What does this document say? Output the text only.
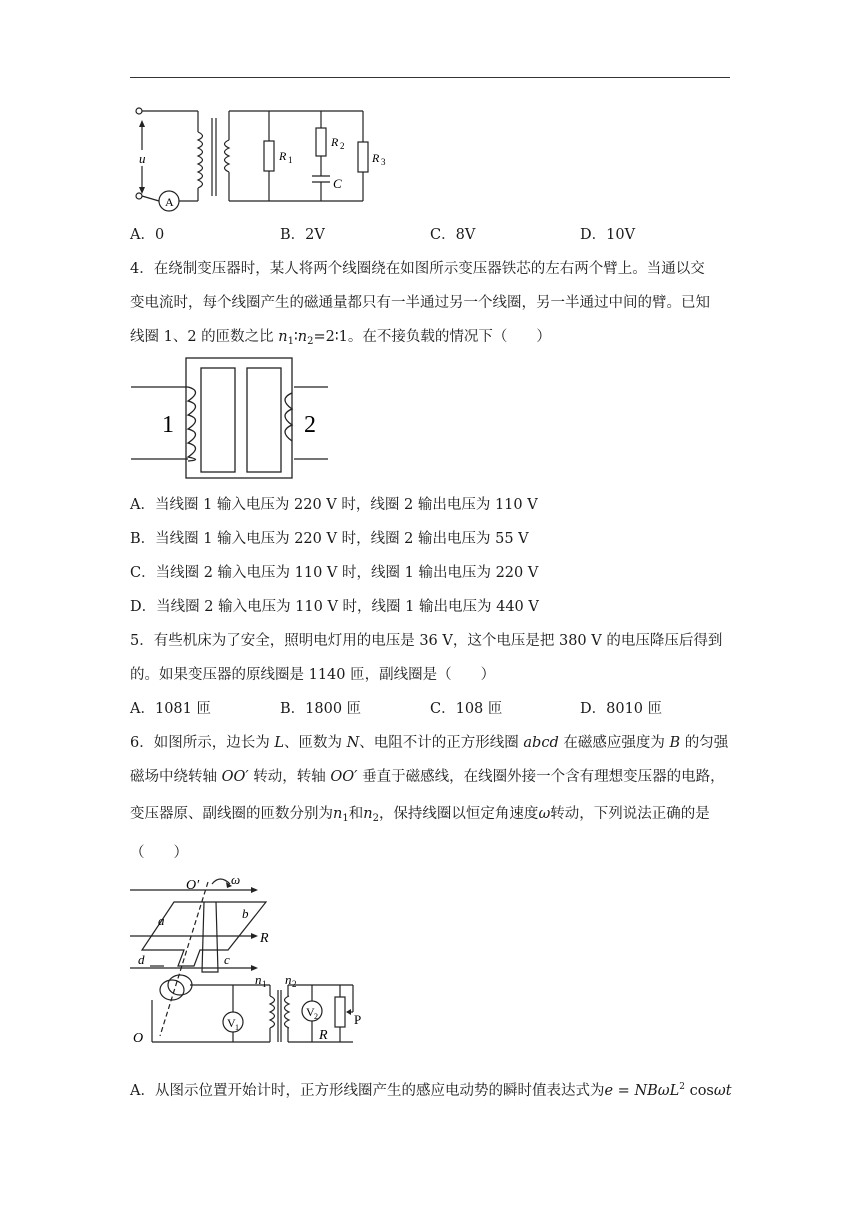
u
A
R 1
R 2
C
R 3
A．0	B．2V	C．8V	D．10V
4．在绕制变压器时，某人将两个线圈绕在如图所示变压器铁芯的左右两个臂上。当通以交
变电流时，每个线圈产生的磁通量都只有一半通过另一个线圈，另一半通过中间的臂。已知
线圈 1、2 的匝数之比 $n_1∶n_2=2∶1$。在不接负载的情况下（　　）
1	2
A．当线圈 1 输入电压为 220 V 时，线圈 2 输出电压为 110 V
B．当线圈 1 输入电压为 220 V 时，线圈 2 输出电压为 55 V
C．当线圈 2 输入电压为 110 V 时，线圈 1 输出电压为 220 V
D．当线圈 2 输入电压为 110 V 时，线圈 1 输出电压为 440 V
5．有些机床为了安全，照明电灯用的电压是 36 V，这个电压是把 380 V 的电压降压后得到
的。如果变压器的原线圈是 1140 匝，副线圈是（　　）
A．1081 匝	B．1800 匝	C．108 匝	D．8010 匝
6．如图所示，边长为 L、匝数为 N、电阻不计的正方形线圈 abcd 在磁感应强度为 B 的匀强
磁场中绕转轴 OO′ 转动，转轴 OO′ 垂直于磁感线，在线圈外接一个含有理想变压器的电路，
变压器原、副线圈的匝数分别为$n_1$和$n_2$，保持线圈以恒定角速度ω转动，下列说法正确的是
（　　）
O′ ω
a	b
d	c
R
O
n 1 n 2
V 1
V 2
R
P
A．从图示位置开始计时，正方形线圈产生的感应电动势的瞬时值表达式为e = NBωL$^2$ cosωt
